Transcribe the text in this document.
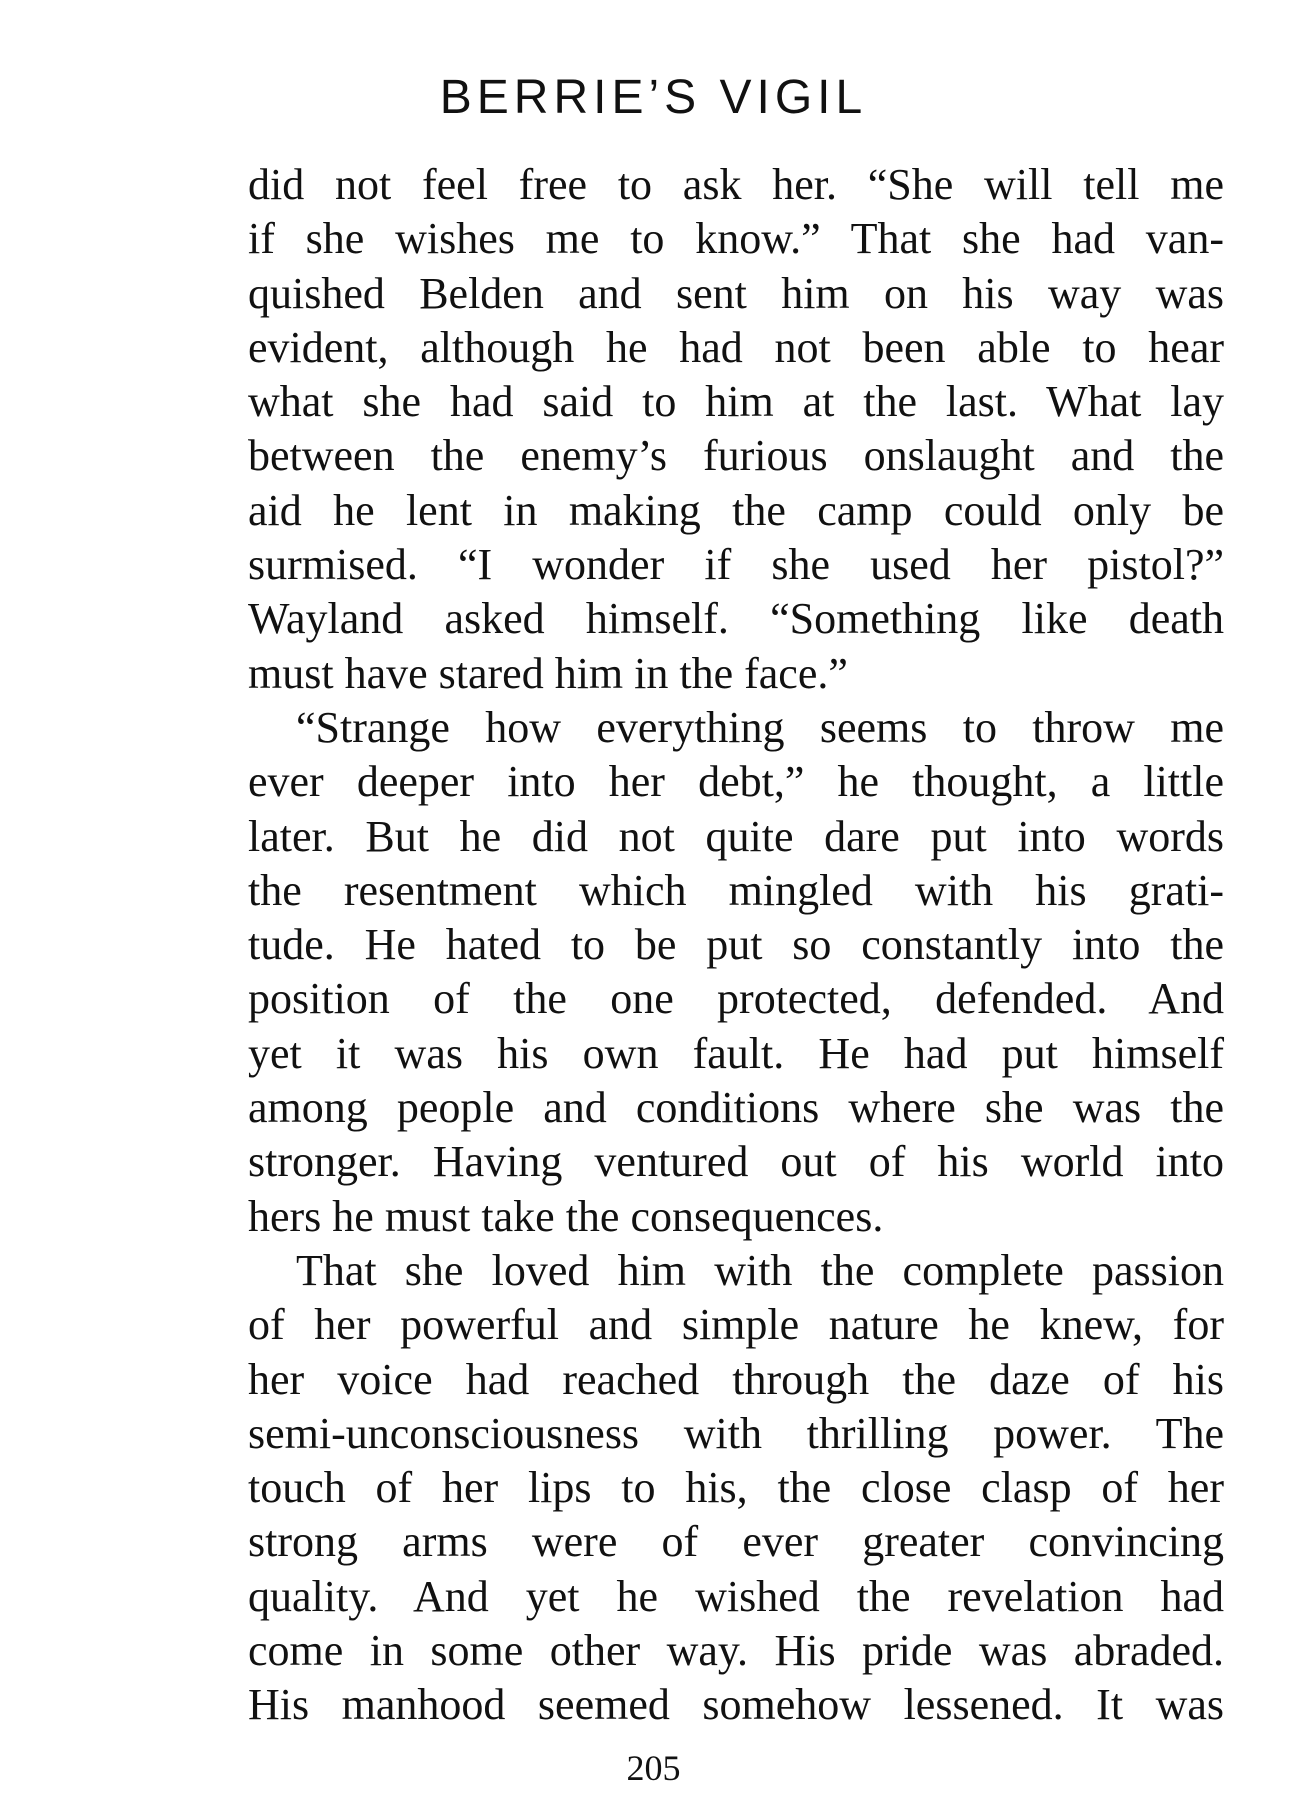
BERRIE’S VIGIL
did not feel free to ask her. “She will tell me
if she wishes me to know.” That she had van-
quished Belden and sent him on his way was
evident, although he had not been able to hear
what she had said to him at the last. What lay
between the enemy’s furious onslaught and the
aid he lent in making the camp could only be
surmised. “I wonder if she used her pistol?”
Wayland asked himself. “Something like death
must have stared him in the face.”
“Strange how everything seems to throw me
ever deeper into her debt,” he thought, a little
later. But he did not quite dare put into words
the resentment which mingled with his grati-
tude. He hated to be put so constantly into the
position of the one protected, defended. And
yet it was his own fault. He had put himself
among people and conditions where she was the
stronger. Having ventured out of his world into
hers he must take the consequences.
That she loved him with the complete passion
of her powerful and simple nature he knew, for
her voice had reached through the daze of his
semi-unconsciousness with thrilling power. The
touch of her lips to his, the close clasp of her
strong arms were of ever greater convincing
quality. And yet he wished the revelation had
come in some other way. His pride was abraded.
His manhood seemed somehow lessened. It was
205
